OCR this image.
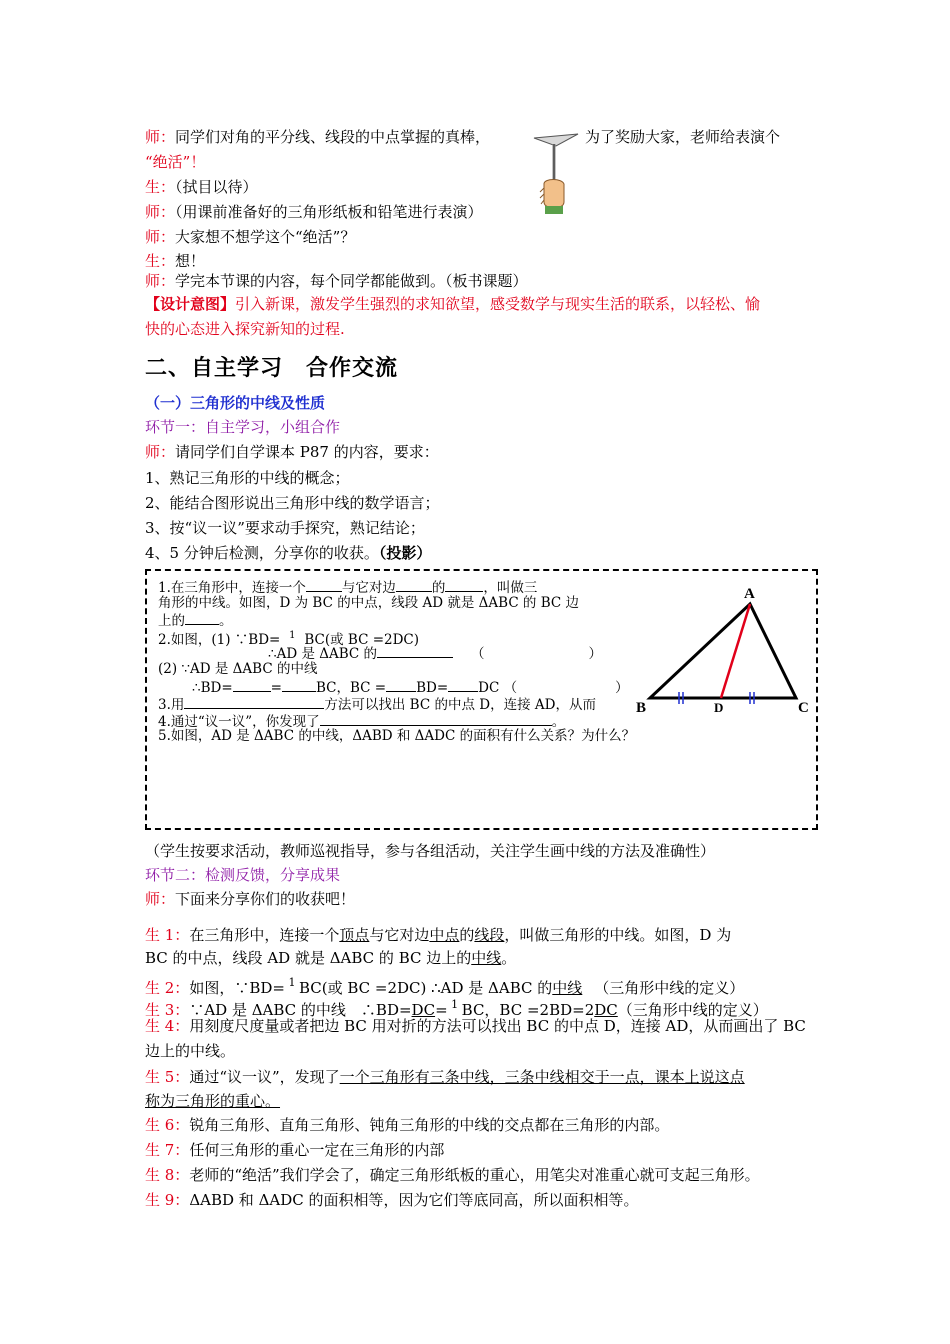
师：同学们对角的平分线、线段的中点掌握的真棒，	为了奖励大家，老师给表演个
“绝活”！
生：（拭目以待）
师：（用课前准备好的三角形纸板和铅笔进行表演）
师：大家想不想学这个“绝活”？
生：想！
师：学完本节课的内容，每个同学都能做到。（板书课题）
【设计意图】引入新课，激发学生强烈的求知欲望，感受数学与现实生活的联系，以轻松、愉
快的心态进入探究新知的过程.
二、自主学习　合作交流
（一）三角形的中线及性质
环节一：自主学习，小组合作
师：请同学们自学课本 P87 的内容，要求：
1、熟记三角形的中线的概念；
2、能结合图形说出三角形中线的数学语言；
3、按“议一议”要求动手探究，熟记结论；
4、5 分钟后检测，分享你的收获。（投影）
1.在三角形中，连接一个	与它对边	的	，叫做三
角形的中线。如图，D 为 BC 的中点，线段 AD 就是 ΔABC 的 BC 边
上的	。
2.如图，(1) ∵BD= 1 BC(或 BC =2DC)
∴AD 是 ΔABC 的	（	）
(2) ∵AD 是 ΔABC 的中线
∴BD=	=	BC，BC = BD= DC （	）
3.用	方法可以找出 BC 的中点 D，连接 AD，从而
4.通过“议一议”，你发现了	。
5.如图，AD 是 ΔABC 的中线，ΔABD 和 ΔADC 的面积有什么关系？为什么？
A
B	C
D
（学生按要求活动，教师巡视指导，参与各组活动，关注学生画中线的方法及准确性）
环节二：检测反馈，分享成果
师：下面来分享你们的收获吧！
生 1：在三角形中，连接一个顶点与它对边中点的线段，叫做三角形的中线。如图，D 为
BC 的中点，线段 AD 就是 ΔABC 的 BC 边上的中线。
生 2：如图，∵BD= 1 BC(或 BC =2DC) ∴AD 是 ΔABC 的中线 （三角形中线的定义）
生 3：∵AD 是 ΔABC 的中线　∴BD=DC= 1 BC，BC =2BD=2DC（三角形中线的定义）
生 4：用刻度尺度量或者把边 BC 用对折的方法可以找出 BC 的中点 D，连接 AD，从而画出了 BC
边上的中线。
生 5：通过“议一议”，发现了一个三角形有三条中线，三条中线相交于一点，课本上说这点
称为三角形的重心。
生 6：锐角三角形、直角三角形、钝角三角形的中线的交点都在三角形的内部。
生 7：任何三角形的重心一定在三角形的内部
生 8：老师的“绝活”我们学会了，确定三角形纸板的重心，用笔尖对准重心就可支起三角形。
生 9：ΔABD 和 ΔADC 的面积相等，因为它们等底同高，所以面积相等。
